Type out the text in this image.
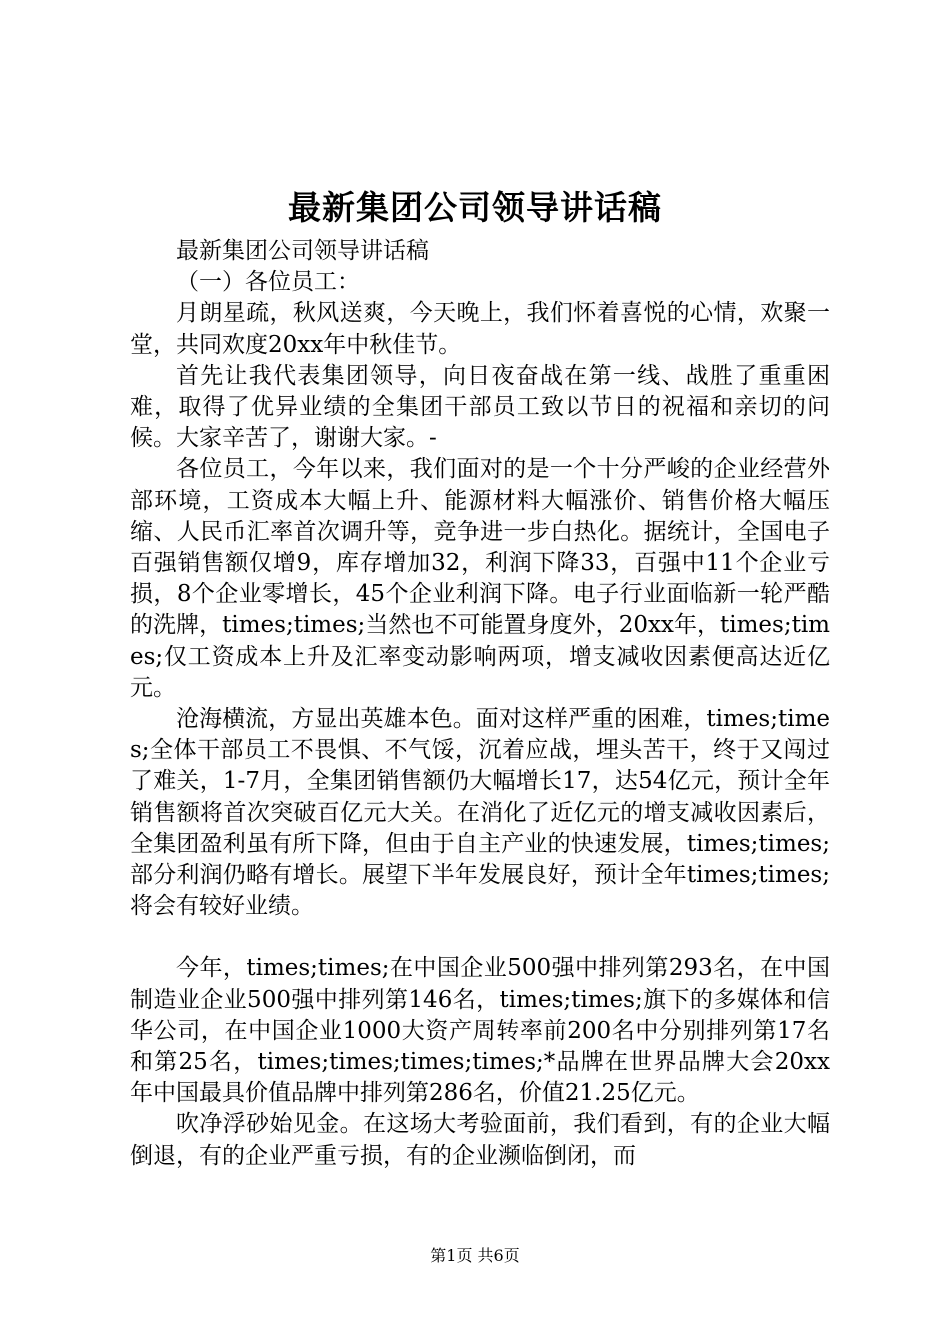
最新集团公司领导讲话稿

最新集团公司领导讲话稿

（一）各位员工：

月朗星疏，秋风送爽，今天晚上，我们怀着喜悦的心情，欢聚一堂，共同欢度20xx年中秋佳节。

首先让我代表集团领导，向日夜奋战在第一线、战胜了重重困难，取得了优异业绩的全集团干部员工致以节日的祝福和亲切的问候。大家辛苦了，谢谢大家。-

各位员工，今年以来，我们面对的是一个十分严峻的企业经营外部环境，工资成本大幅上升、能源材料大幅涨价、销售价格大幅压缩、人民币汇率首次调升等，竞争进一步白热化。据统计，全国电子百强销售额仅增9，库存增加32，利润下降33，百强中11个企业亏损，8个企业零增长，45个企业利润下降。电子行业面临新一轮严酷的洗牌，times;times;当然也不可能置身度外，20xx年，times;times;仅工资成本上升及汇率变动影响两项，增支减收因素便高达近亿元。

沧海横流，方显出英雄本色。面对这样严重的困难，times;times;全体干部员工不畏惧、不气馁，沉着应战，埋头苦干，终于又闯过了难关，1-7月，全集团销售额仍大幅增长17，达54亿元，预计全年销售额将首次突破百亿元大关。在消化了近亿元的增支减收因素后，全集团盈利虽有所下降，但由于自主产业的快速发展，times;times;部分利润仍略有增长。展望下半年发展良好，预计全年times;times;将会有较好业绩。

今年，times;times;在中国企业500强中排列第293名，在中国制造业企业500强中排列第146名，times;times;旗下的多媒体和信华公司，在中国企业1000大资产周转率前200名中分别排列第17名和第25名，times;times;times;times;*品牌在世界品牌大会20xx年中国最具价值品牌中排列第286名，价值21.25亿元。

吹净浮砂始见金。在这场大考验面前，我们看到，有的企业大幅倒退，有的企业严重亏损，有的企业濒临倒闭，而

第1页 共6页
